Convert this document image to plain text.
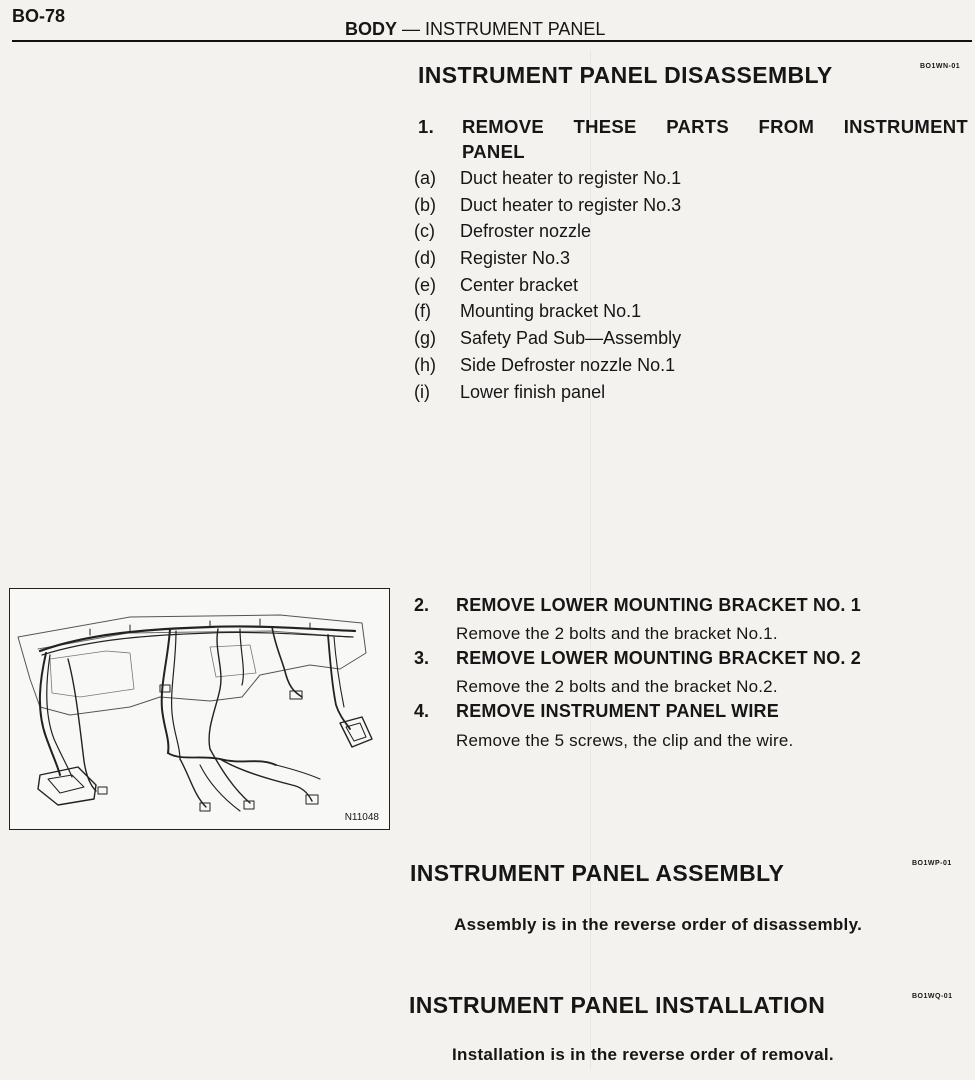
BO-78
BODY — INSTRUMENT PANEL
INSTRUMENT PANEL DISASSEMBLY	BO1WN-01
1. REMOVE THESE PARTS FROM INSTRUMENT
PANEL
(a)	Duct heater to register No.1
(b)	Duct heater to register No.3
(c)	Defroster nozzle
(d)	Register No.3
(e)	Center bracket
(f)	Mounting bracket No.1
(g)	Safety Pad Sub—Assembly
(h)	Side Defroster nozzle No.1
(i)	Lower finish panel
N11048
2. REMOVE LOWER MOUNTING BRACKET NO. 1
Remove the 2 bolts and the bracket No.1.
3. REMOVE LOWER MOUNTING BRACKET NO. 2
Remove the 2 bolts and the bracket No.2.
4. REMOVE INSTRUMENT PANEL WIRE
Remove the 5 screws, the clip and the wire.
INSTRUMENT PANEL ASSEMBLY	BO1WP-01
Assembly is in the reverse order of disassembly.
INSTRUMENT PANEL INSTALLATION	BO1WQ-01
Installation is in the reverse order of removal.
